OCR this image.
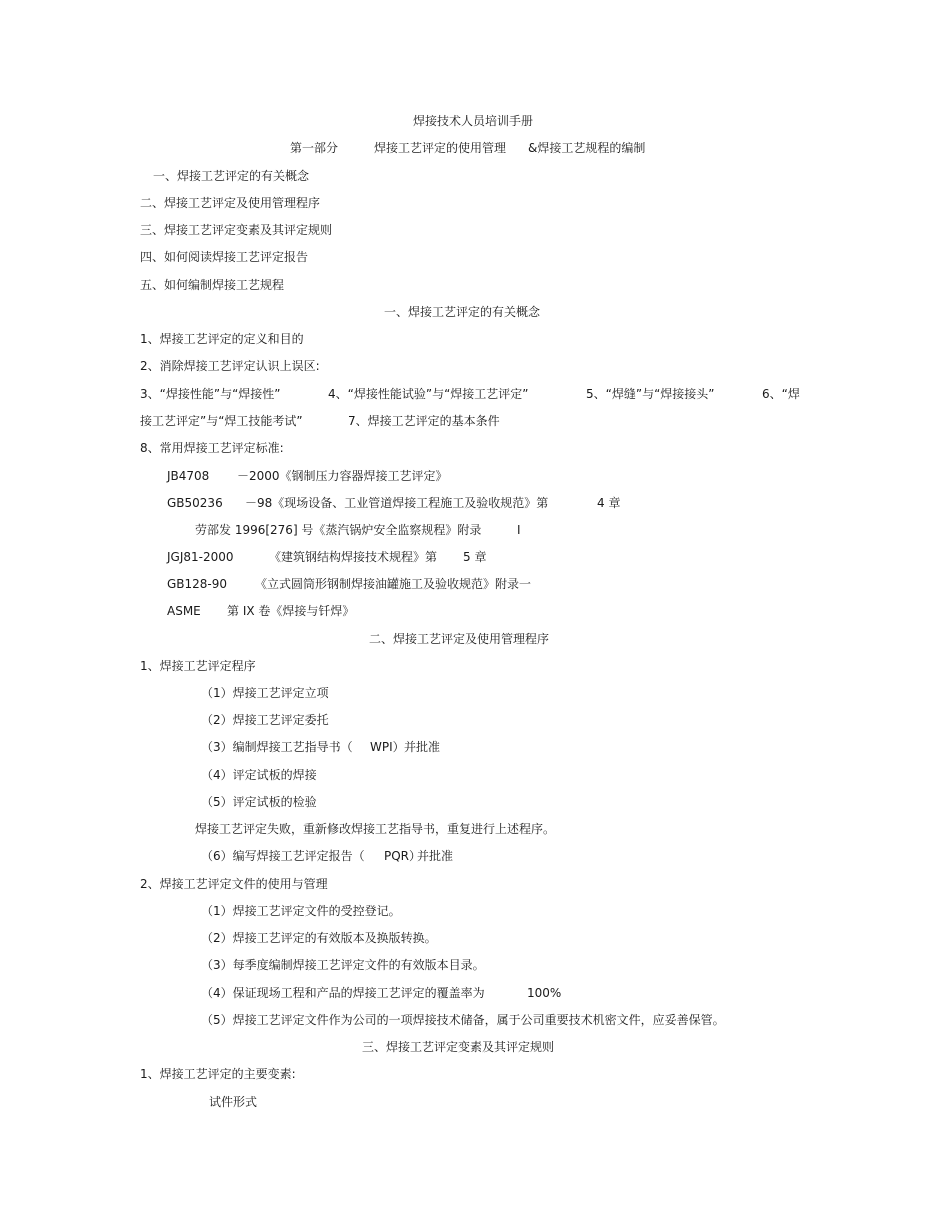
焊接技术人员培训手册
第一部分	焊接工艺评定的使用管理 &焊接工艺规程的编制
一、焊接工艺评定的有关概念
二、焊接工艺评定及使用管理程序
三、焊接工艺评定变素及其评定规则
四、如何阅读焊接工艺评定报告
五、如何编制焊接工艺规程
一、焊接工艺评定的有关概念
1、焊接工艺评定的定义和目的
2、消除焊接工艺评定认识上误区:
3、“焊接性能”与“焊接性”	4、“焊接性能试验”与“焊接工艺评定”	5、“焊缝”与“焊接接头”	6、“焊
接工艺评定”与“焊工技能考试”	7、焊接工艺评定的基本条件
8、常用焊接工艺评定标准:
JB4708 －2000《钢制压力容器焊接工艺评定》
GB50236 －98《现场设备、工业管道焊接工程施工及验收规范》第	4 章
劳部发 1996[276] 号《蒸汽锅炉安全监察规程》附录	I
JGJ81-2000	《建筑钢结构焊接技术规程》第 5 章
GB128-90 《立式圆筒形钢制焊接油罐施工及验收规范》附录一
ASME 第 IX 卷《焊接与钎焊》
二、焊接工艺评定及使用管理程序
1、焊接工艺评定程序
（1）焊接工艺评定立项
（2）焊接工艺评定委托
（3）编制焊接工艺指导书（ WPI） 并批准
（4）评定试板的焊接
（5）评定试板的检验
焊接工艺评定失败，重新修改焊接工艺指导书，重复进行上述程序。
（6）编写焊接工艺评定报告（ PQR）
并批准
2、焊接工艺评定文件的使用与管理
（1）焊接工艺评定文件的受控登记。
（2）焊接工艺评定的有效版本及换版转换。
（3）每季度编制焊接工艺评定文件的有效版本目录。
（4）保证现场工程和产品的焊接工艺评定的覆盖率为	100%
（5）焊接工艺评定文件作为公司的一项焊接技术储备，属于公司重要技术机密文件，应妥善保管。
三、焊接工艺评定变素及其评定规则
1、焊接工艺评定的主要变素:
试件形式
